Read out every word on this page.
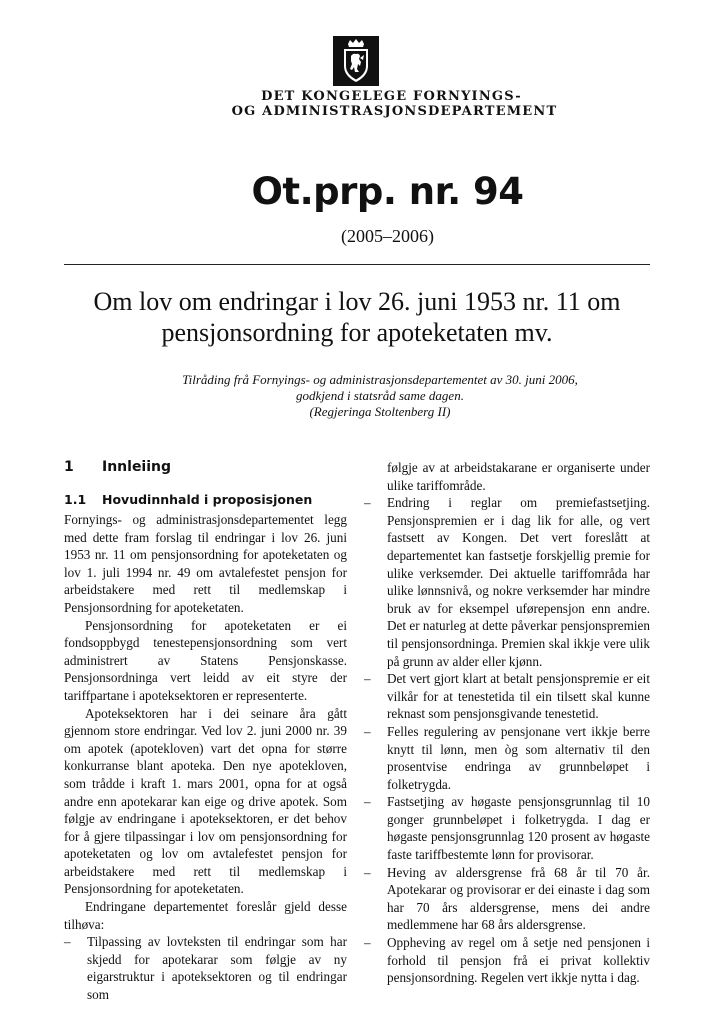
DET KONGELEGE FORNYINGS-
OG ADMINISTRASJONSDEPARTEMENT
Ot.prp. nr. 94
(2005–2006)
Om lov om endringar i lov 26. juni 1953 nr. 11 om pensjonsordning for apoteketaten mv.
Tilråding frå Fornyings- og administrasjonsdepartementet av 30. juni 2006,
godkjend i statsråd same dagen.
(Regjeringa Stoltenberg II)
1 Innleiing
1.1 Hovudinnhald i proposisjonen

Fornyings- og administrasjonsdepartementet legg med dette fram forslag til endringar i lov 26. juni 1953 nr. 11 om pensjonsordning for apoteketaten og lov 1. juli 1994 nr. 49 om avtalefestet pensjon for arbeidstakere med rett til medlemskap i Pensjonsordning for apoteketaten.

Pensjonsordning for apoteketaten er ei fondsoppbygd tenestepensjonsordning som vert administrert av Statens Pensjonskasse. Pensjonsordninga vert leidd av eit styre der tariffpartane i apoteksektoren er representerte.

Apoteksektoren har i dei seinare åra gått gjennom store endringar. Ved lov 2. juni 2000 nr. 39 om apotek (apotekloven) vart det opna for større konkurranse blant apoteka. Den nye apotekloven, som trådde i kraft 1. mars 2001, opna for at også andre enn apotekarar kan eige og drive apotek. Som følgje av endringane i apoteksektoren, er det behov for å gjere tilpassingar i lov om pensjonsordning for apoteketaten og lov om avtalefestet pensjon for arbeidstakere med rett til medlemskap i Pensjonsordning for apoteketaten.

Endringane departementet foreslår gjeld desse tilhøva:

– Tilpassing av lovteksten til endringar som har skjedd for apotekarar som følgje av ny eigarstruktur i apoteksektoren og til endringar som
følgje av at arbeidstakarane er organiserte under ulike tariffområde.
– Endring i reglar om premiefastsetjing. Pensjonspremien er i dag lik for alle, og vert fastsett av Kongen. Det vert foreslått at departementet kan fastsetje forskjellig premie for ulike verksemder. Dei aktuelle tariffområda har ulike lønnsnivå, og nokre verksemder har mindre bruk av for eksempel uførepensjon enn andre. Det er naturleg at dette påverkar pensjonspremien til pensjonsordninga. Premien skal ikkje vere ulik på grunn av alder eller kjønn.
– Det vert gjort klart at betalt pensjonspremie er eit vilkår for at tenestetida til ein tilsett skal kunne reknast som pensjonsgivande tenestetid.
– Felles regulering av pensjonane vert ikkje berre knytt til lønn, men òg som alternativ til den prosentvise endringa av grunnbeløpet i folketrygda.
– Fastsetjing av høgaste pensjonsgrunnlag til 10 gonger grunnbeløpet i folketrygda. I dag er høgaste pensjonsgrunnlag 120 prosent av høgaste faste tariffbestemte lønn for provisorar.
– Heving av aldersgrense frå 68 år til 70 år. Apotekarar og provisorar er dei einaste i dag som har 70 års aldersgrense, mens dei andre medlemmene har 68 års aldersgrense.
– Oppheving av regel om å setje ned pensjonen i forhold til pensjon frå ei privat kollektiv pensjonsordning. Regelen vert ikkje nytta i dag.
